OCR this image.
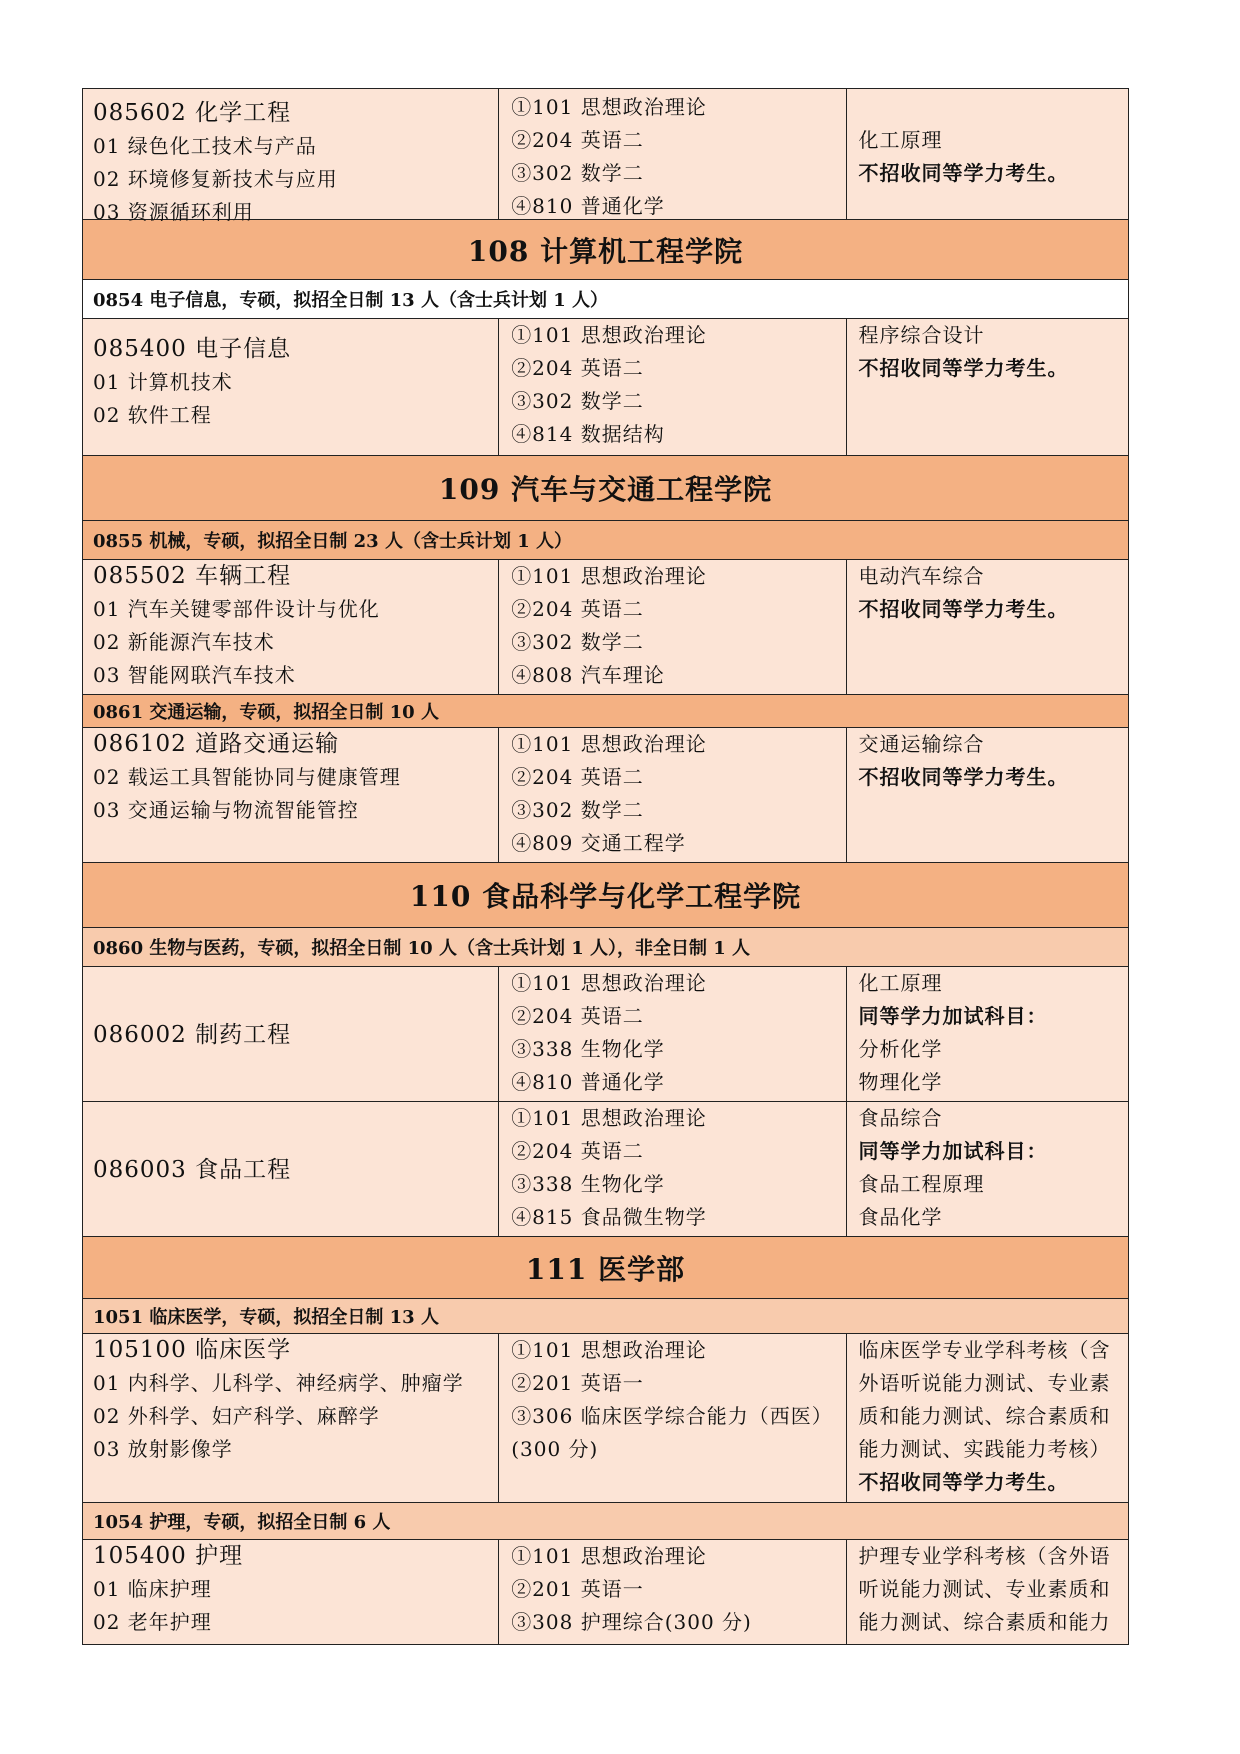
085602 化学工程
01 绿色化工技术与产品
02 环境修复新技术与应用
03 资源循环利用
①101 思想政治理论
②204 英语二
③302 数学二
④810 普通化学
化工原理
不招收同等学力考生。
108 计算机工程学院
0854 电子信息，专硕，拟招全日制 13 人（含士兵计划 1 人）
085400 电子信息
01 计算机技术
02 软件工程
①101 思想政治理论
②204 英语二
③302 数学二
④814 数据结构
程序综合设计
不招收同等学力考生。
109 汽车与交通工程学院
0855 机械，专硕，拟招全日制 23 人（含士兵计划 1 人）
085502 车辆工程
01 汽车关键零部件设计与优化
02 新能源汽车技术
03 智能网联汽车技术
①101 思想政治理论
②204 英语二
③302 数学二
④808 汽车理论
电动汽车综合
不招收同等学力考生。
0861 交通运输，专硕，拟招全日制 10 人
086102 道路交通运输
02 载运工具智能协同与健康管理
03 交通运输与物流智能管控
①101 思想政治理论
②204 英语二
③302 数学二
④809 交通工程学
交通运输综合
不招收同等学力考生。
110 食品科学与化学工程学院
0860 生物与医药，专硕，拟招全日制 10 人（含士兵计划 1 人），非全日制 1 人
086002 制药工程
①101 思想政治理论
②204 英语二
③338 生物化学
④810 普通化学
化工原理
同等学力加试科目：
分析化学
物理化学
086003 食品工程
①101 思想政治理论
②204 英语二
③338 生物化学
④815 食品微生物学
食品综合
同等学力加试科目：
食品工程原理
食品化学
111 医学部
1051 临床医学，专硕，拟招全日制 13 人
105100 临床医学
01 内科学、儿科学、神经病学、肿瘤学
02 外科学、妇产科学、麻醉学
03 放射影像学
①101 思想政治理论
②201 英语一
③306 临床医学综合能力（西医）(300 分)
临床医学专业学科考核（含外语听说能力测试、专业素质和能力测试、综合素质和能力测试、实践能力考核）
不招收同等学力考生。
1054 护理，专硕，拟招全日制 6 人
105400 护理
01 临床护理
02 老年护理
①101 思想政治理论
②201 英语一
③308 护理综合(300 分)
护理专业学科考核（含外语听说能力测试、专业素质和能力测试、综合素质和能力
